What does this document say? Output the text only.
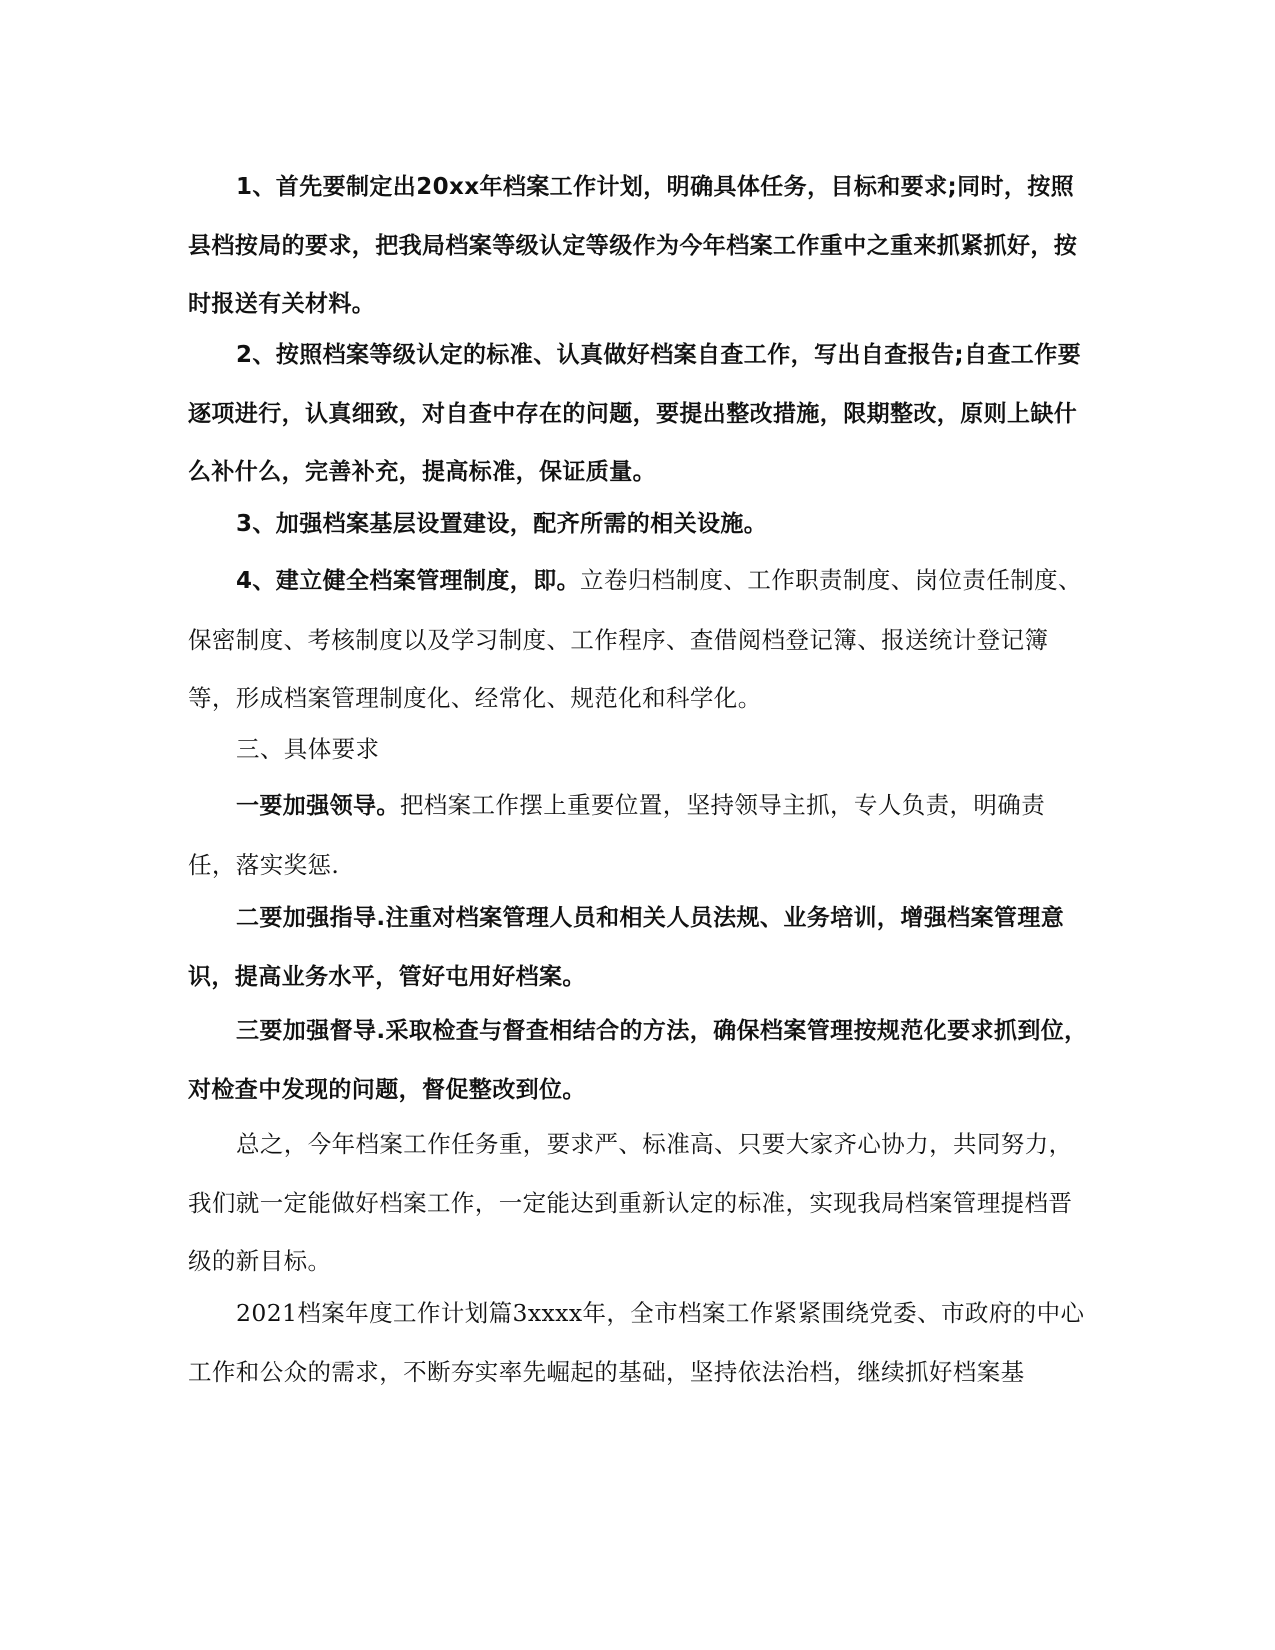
1、首先要制定出20xx年档案工作计划，明确具体任务，目标和要求;同时，按照县档按局的要求，把我局档案等级认定等级作为今年档案工作重中之重来抓紧抓好，按时报送有关材料。

2、按照档案等级认定的标准、认真做好档案自查工作，写出自查报告;自查工作要逐项进行，认真细致，对自查中存在的问题，要提出整改措施，限期整改，原则上缺什么补什么，完善补充，提高标准，保证质量。

3、加强档案基层设置建设，配齐所需的相关设施。

4、建立健全档案管理制度，即。立卷归档制度、工作职责制度、岗位责任制度、保密制度、考核制度以及学习制度、工作程序、查借阅档登记簿、报送统计登记簿等，形成档案管理制度化、经常化、规范化和科学化。

三、具体要求

一要加强领导。把档案工作摆上重要位置，坚持领导主抓，专人负责，明确责任，落实奖惩.

二要加强指导.注重对档案管理人员和相关人员法规、业务培训，增强档案管理意识，提高业务水平，管好屯用好档案。

三要加强督导.采取检查与督查相结合的方法，确保档案管理按规范化要求抓到位，对检查中发现的问题，督促整改到位。

总之，今年档案工作任务重，要求严、标准高、只要大家齐心协力，共同努力，我们就一定能做好档案工作，一定能达到重新认定的标准，实现我局档案管理提档晋级的新目标。

2021档案年度工作计划篇3xxxx年，全市档案工作紧紧围绕党委、市政府的中心工作和公众的需求，不断夯实率先崛起的基础，坚持依法治档，继续抓好档案基
